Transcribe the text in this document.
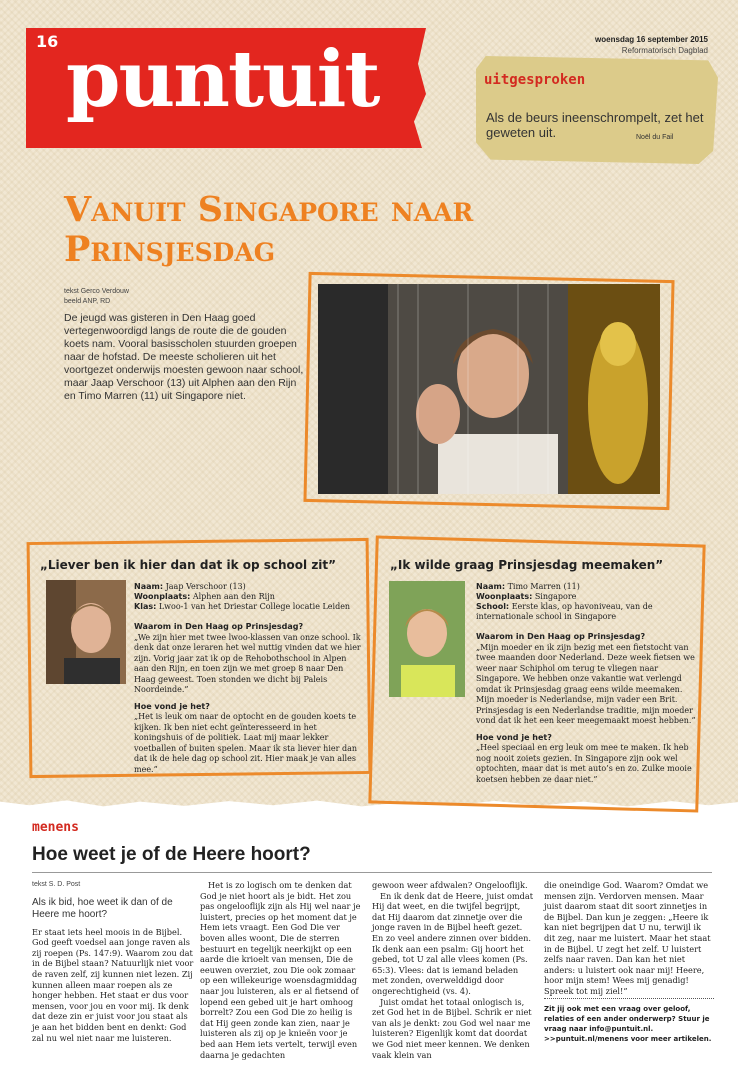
16 puntuit	woensdag 16 september 2015
Reformatorisch Dagblad
uitgesproken
Als de beurs ineenschrompelt, zet het geweten uit.	Noël du Fail
Vanuit Singapore naar Prinsjesdag
tekst Gerco Verdouw
beeld ANP, RD

De jeugd was gisteren in Den Haag goed vertegenwoordigd langs de route die de gouden koets nam. Vooral basisscholen stuurden groepen naar de hofstad. De meeste scholieren uit het voortgezet onderwijs moesten gewoon naar school, maar Jaap Verschoor (13) uit Alphen aan den Rijn en Timo Marren (11) uit Singapore niet.

„Liever ben ik hier dan dat ik op school zit”
Naam: Jaap Verschoor (13)
Woonplaats: Alphen aan den Rijn
Klas: Lwoo-1 van het Driestar College locatie Leiden
Waarom in Den Haag op Prinsjesdag?
„We zijn hier met twee lwoo-klassen van onze school. Ik denk dat onze leraren het wel nuttig vinden dat we hier zijn. Vorig jaar zat ik op de Rehobothschool in Alpen aan den Rijn, en toen zijn we met groep 8 naar Den Haag geweest. Toen stonden we dicht bij Paleis Noordeinde.”
Hoe vond je het?
„Het is leuk om naar de optocht en de gouden koets te kijken. Ik ben niet echt geïnteresseerd in het koningshuis of de politiek. Laat mij maar lekker voetballen of buiten spelen. Maar ik sta liever hier dan dat ik de hele dag op school zit. Hier maak je van alles mee.”
„Ik wilde graag Prinsjesdag meemaken”
Naam: Timo Marren (11)
Woonplaats: Singapore
School: Eerste klas, op havoniveau, van de internationale school in Singapore
Waarom in Den Haag op Prinsjesdag?
„Mijn moeder en ik zijn bezig met een fietstocht van twee maanden door Nederland. Deze week fietsen we weer naar Schiphol om terug te vliegen naar Singapore. We hebben onze vakantie wat verlengd omdat ik Prinsjesdag graag eens wilde meemaken. Mijn moeder is Nederlandse, mijn vader een Brit. Prinsjesdag is een Nederlandse traditie, mijn moeder vond dat ik het een keer meegemaakt moest hebben.”
Hoe vond je het?
„Heel speciaal en erg leuk om mee te maken. Ik heb nog nooit zoiets gezien. In Singapore zijn ook wel optochten, maar dat is met auto’s en zo. Zulke mooie koetsen hebben ze daar niet.”
menens
Hoe weet je of de Heere hoort?
tekst S. D. Post
Als ik bid, hoe weet ik dan of de Heere me hoort?

Er staat iets heel moois in de Bijbel. God geeft voedsel aan jonge raven als zij roepen (Ps. 147:9). Waarom zou dat in de Bijbel staan? Natuurlijk niet voor de raven zelf, zij kunnen niet lezen. Zij kunnen alleen maar roepen als ze honger hebben. Het staat er dus voor mensen, voor jou en voor mij. Ik denk dat deze zin er juist voor jou staat als je aan het bidden bent en denkt: God zal nu wel niet naar me luisteren.

Het is zo logisch om te denken dat God je niet hoort als je bidt. Het zou pas ongelooflijk zijn als Hij wel naar je luistert, precies op het moment dat je Hem iets vraagt. Een God Die ver boven alles woont, Die de sterren bestuurt en tegelijk neerkijkt op een aarde die krioelt van mensen, Die de eeuwen overziet, zou Die ook zomaar op een willekeurige woensdagmiddag naar jou luisteren, als er al fietsend of lopend een gebed uit je hart omhoog borrelt? Zou een God Die zo heilig is dat Hij geen zonde kan zien, naar je luisteren als zij op je knieën voor je bed aan Hem iets vertelt, terwijl even daarna je gedachten

gewoon weer afdwalen? Ongelooflijk.

En ik denk dat de Heere, juist omdat Hij dat weet, en die twijfel begrijpt, dat Hij daarom dat zinnetje over die jonge raven in de Bijbel heeft gezet. En zo veel andere zinnen over bidden. Ik denk aan een psalm: Gij hoort het gebed, tot U zal alle vlees komen (Ps. 65:3). Vlees: dat is iemand beladen met zonden, overwelddigd door ongerechtigheid (vs. 4).

Juist omdat het totaal onlogisch is, zet God het in de Bijbel. Schrik er niet van als je denkt: zou God wel naar me luisteren? Eigenlijk komt dat doordat we God niet meer kennen. We denken vaak klein van

die oneindige God. Waarom? Omdat we mensen zijn. Verdorven mensen. Maar juist daarom staat dit soort zinnetjes in de Bijbel. Dan kun je zeggen: „Heere ik kan niet begrijpen dat U nu, terwijl ik dit zeg, naar me luistert. Maar het staat in de Bijbel. U zegt het zelf. U luistert zelfs naar raven. Dan kan het niet anders: u luistert ook naar mij! Heere, hoor mijn stem! Wees mij genadig! Spreek tot mij ziel!”

Zit jij ook met een vraag over geloof, relaties of een ander onderwerp? Stuur je vraag naar info@puntuit.nl. >>puntuit.nl/menens voor meer artikelen.
